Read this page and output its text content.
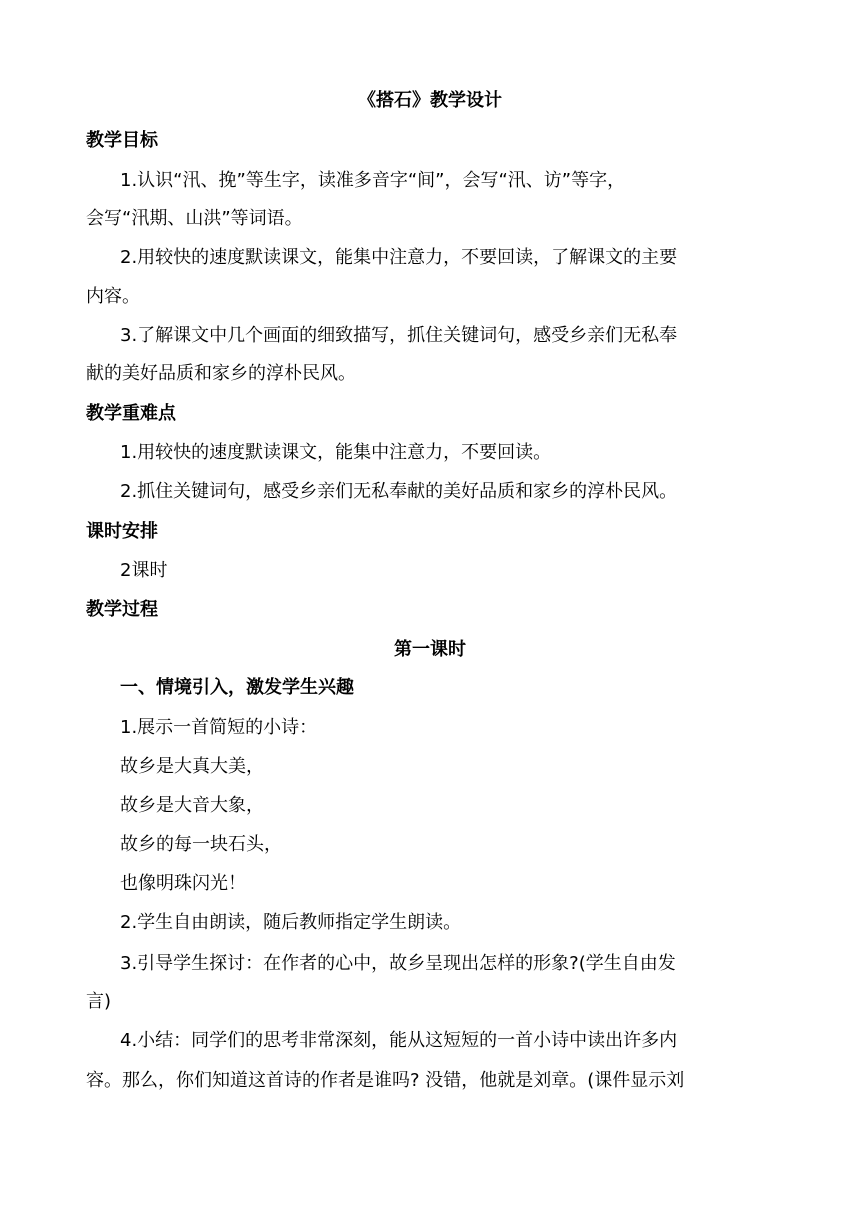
《搭石》教学设计
教学目标
1.认识“汛、挽”等生字，读准多音字“间”，会写“汛、访”等字，
会写“汛期、山洪”等词语。
2.用较快的速度默读课文，能集中注意力，不要回读，了解课文的主要
内容。
3.了解课文中几个画面的细致描写，抓住关键词句，感受乡亲们无私奉
献的美好品质和家乡的淳朴民风。
教学重难点
1.用较快的速度默读课文，能集中注意力，不要回读。
2.抓住关键词句，感受乡亲们无私奉献的美好品质和家乡的淳朴民风。
课时安排
2课时
教学过程
第一课时
一、情境引入，激发学生兴趣
1.展示一首简短的小诗：
故乡是大真大美，
故乡是大音大象，
故乡的每一块石头，
也像明珠闪光！
2.学生自由朗读，随后教师指定学生朗读。
3.引导学生探讨：在作者的心中，故乡呈现出怎样的形象?(学生自由发
言)
4.小结：同学们的思考非常深刻，能从这短短的一首小诗中读出许多内
容。那么，你们知道这首诗的作者是谁吗? 没错，他就是刘章。(课件显示刘
